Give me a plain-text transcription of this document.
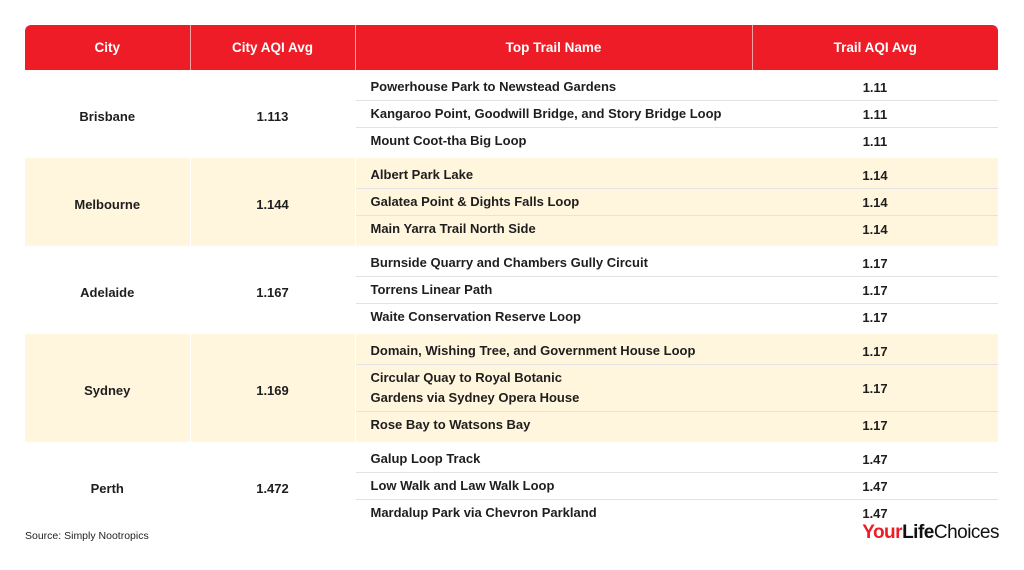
City	City AQI Avg	Top Trail Name	Trail AQI Avg
Brisbane	1.113	Powerhouse Park to Newstead Gardens	1.11
		Kangaroo Point, Goodwill Bridge, and Story Bridge Loop	1.11
		Mount Coot-tha Big Loop	1.11
Melbourne	1.144	Albert Park Lake	1.14
		Galatea Point & Dights Falls Loop	1.14
		Main Yarra Trail North Side	1.14
Adelaide	1.167	Burnside Quarry and Chambers Gully Circuit	1.17
		Torrens Linear Path	1.17
		Waite Conservation Reserve Loop	1.17
Sydney	1.169	Domain, Wishing Tree, and Government House Loop	1.17
		Circular Quay to Royal Botanic Gardens via Sydney Opera House	1.17
		Rose Bay to Watsons Bay	1.17
Perth	1.472	Galup Loop Track	1.47
		Low Walk and Law Walk Loop	1.47
		Mardalup Park via Chevron Parkland	1.47
Source: Simply Nootropics	YourLifeChoices
